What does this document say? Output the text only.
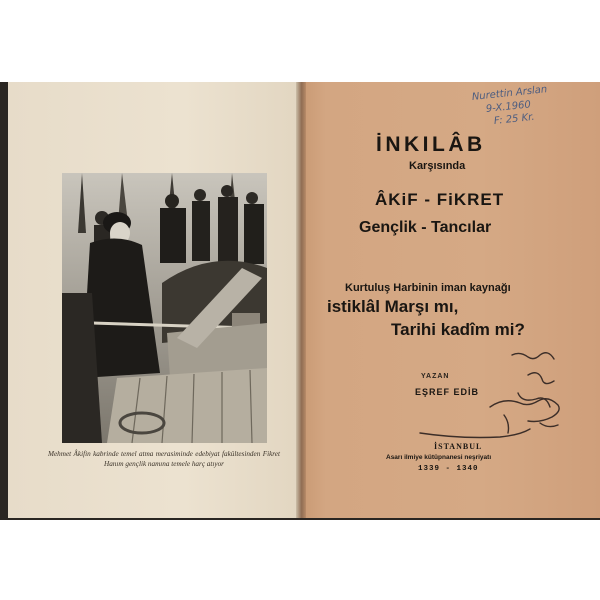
Mehmet Âkifin kabrinde temel atma merasiminde edebiyat fakültesinden Fikret Hanım gençlik namına temele harç atıyor
Nurettin Arslan
9-X.1960
F: 25 Kr.
İNKILÂB
Karşısında
ÂKiF - FiKRET
Gençlik - Tancılar
Kurtuluş Harbinin iman kaynağı
istiklâl Marşı mı,
Tarihi kadîm mi?
YAZAN
EŞREF EDİB
İSTANBUL
Asarı ilmiye kütüpnanesi neşriyatı
1339 - 1340
